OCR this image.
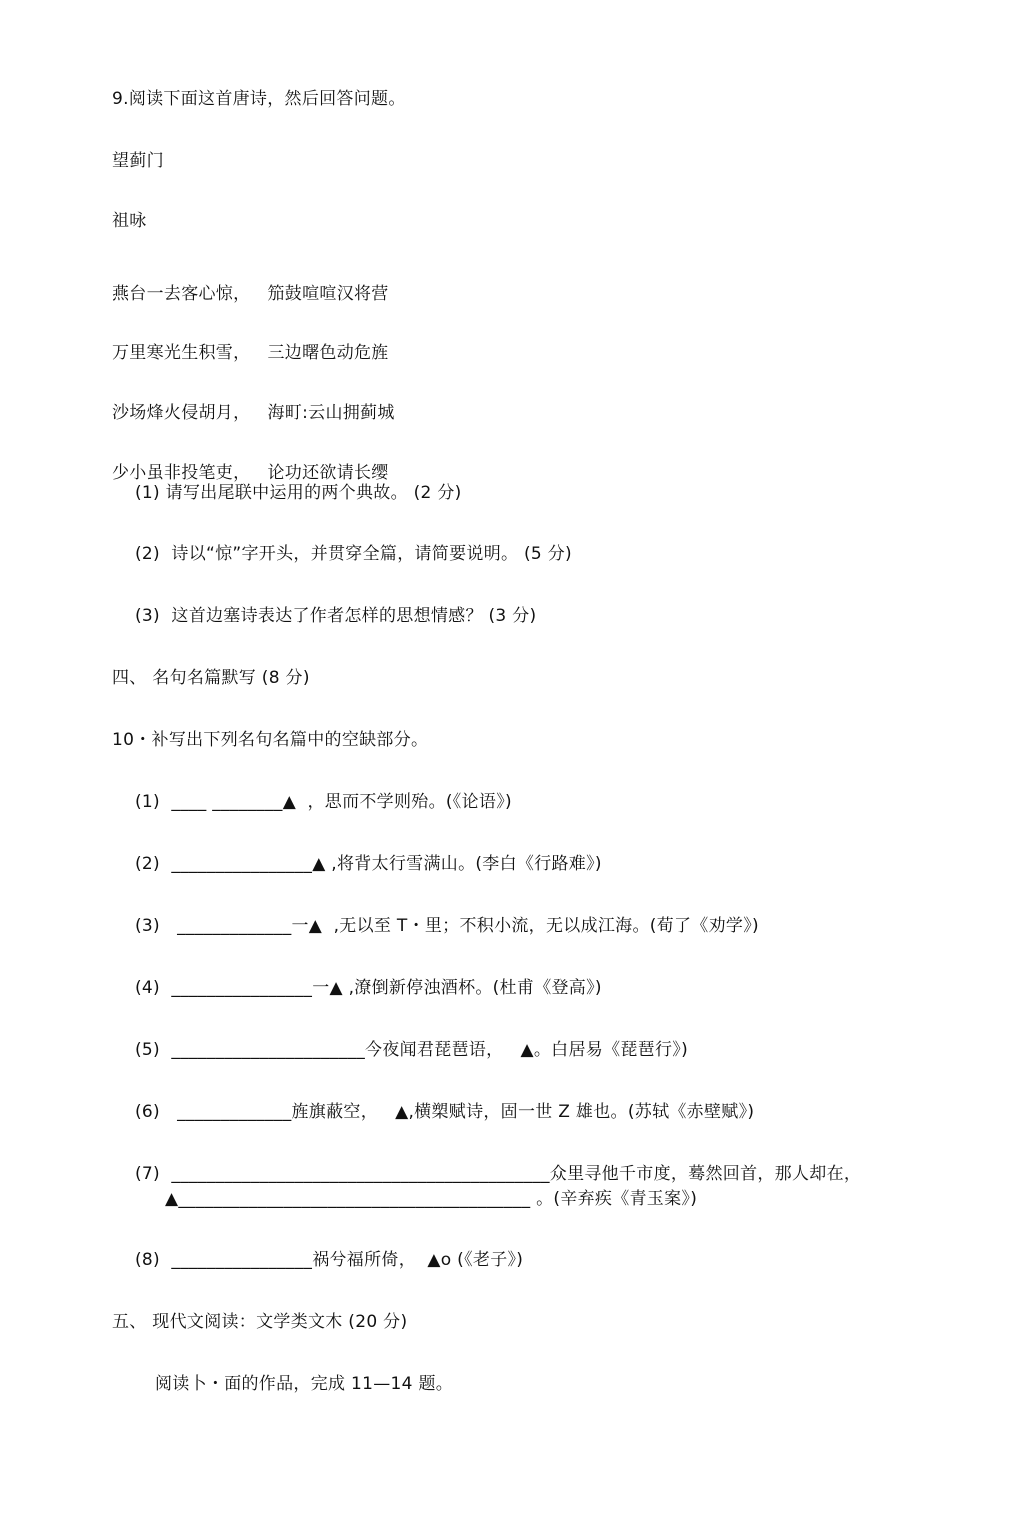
9.阅读下面这首唐诗，然后回答问题。

望蓟门

祖咏

燕台一去客心惊，   笳鼓喧喧汉将营

万里寒光生积雪，   三边曙色动危旌

沙场烽火侵胡月，   海町:云山拥蓟城

少小虽非投笔吏，   论功还欲请长缨

(1) 请写出尾联中运用的两个典故。 (2 分)

(2)  诗以“惊”字开头，并贯穿全篇，请简要说明。 (5 分)

(3)  这首边塞诗表达了作者怎样的思想情感？ (3 分)

四、 名句名篇默写 (8 分)

10・补写出下列名句名篇中的空缺部分。

(1)  ____ ________▲  ，思而不学则殆。(《论语》)

(2)  ________________▲ ,将背太行雪满山。(李白《行路难》)

(3)   _____________一▲  ,无以至 T・里；不积小流，无以成江海。(荀了《劝学》)

(4)  ________________一▲ ,潦倒新停浊酒杯。(杜甫《登高》)

(5)  ______________________今夜闻君琵琶语，   ▲。白居易《琵琶行》)

(6)   _____________旌旗蔽空，   ▲,横槊赋诗，固一世 Z 雄也。(苏轼《赤壁赋》)

(7)  ___________________________________________众里寻他千市度，蓦然回首，那人却在，

▲________________________________________ 。(辛弃疾《青玉案》)

(8)  ________________祸兮福所倚，  ▲o (《老子》)

五、 现代文阅读：文学类文木 (20 分)

阅读卜・面的作品，完成 11—14 题。
